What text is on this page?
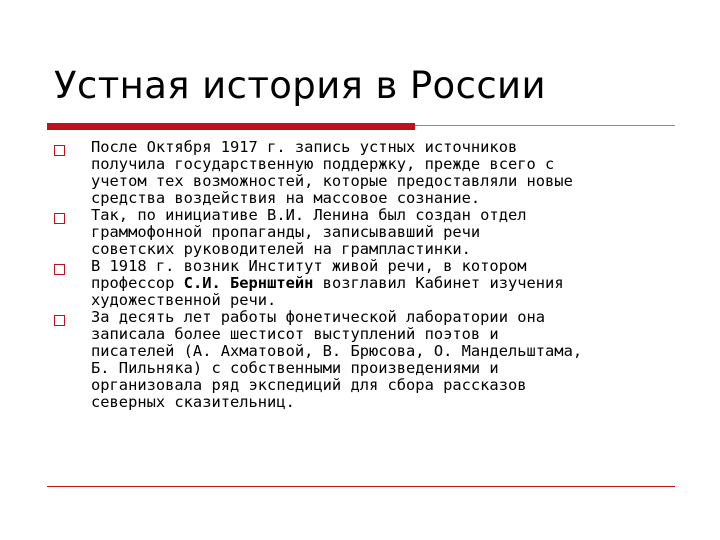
Устная история в России
После Октября 1917 г. запись устных источников
получила государственную поддержку, прежде всего с
учетом тех возможностей, которые предоставляли новые
средства воздействия на массовое сознание.
Так, по инициативе В.И. Ленина был создан отдел
граммофонной пропаганды, записывавший речи
советских руководителей на грампластинки.
В 1918 г. возник Институт живой речи, в котором
профессор С.И. Бернштейн возглавил Кабинет изучения
художественной речи.
За десять лет работы фонетической лаборатории она
записала более шестисот выступлений поэтов и
писателей (А. Ахматовой, В. Брюсова, О. Мандельштама,
Б. Пильняка) с собственными произведениями и
организовала ряд экспедиций для сбора рассказов
северных сказительниц.
